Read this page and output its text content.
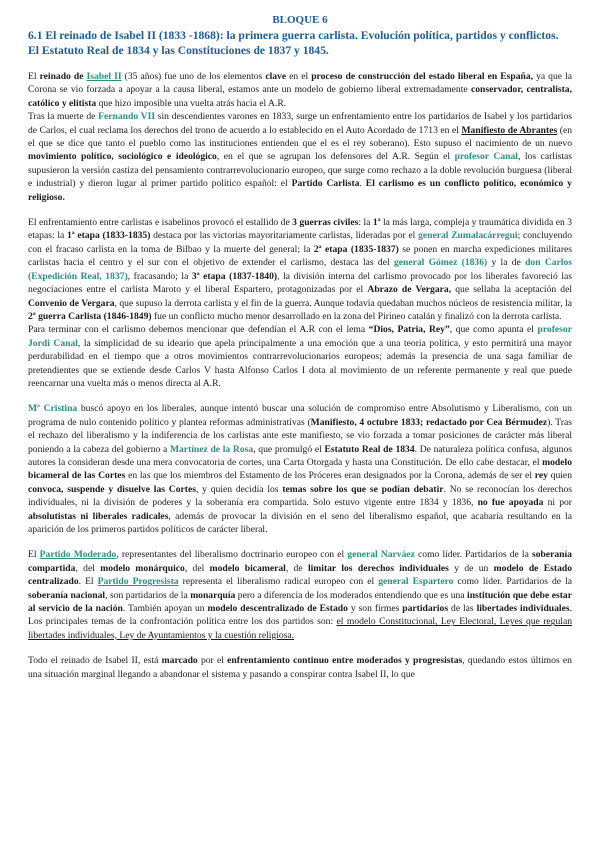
BLOQUE 6
6.1 El reinado de Isabel II (1833 -1868): la primera guerra carlista. Evolución política, partidos y conflictos. El Estatuto Real de 1834 y las Constituciones de 1837 y 1845.

El reinado de Isabel II (35 años) fue uno de los elementos clave en el proceso de construcción del estado liberal en España, ya que la Corona se vio forzada a apoyar a la causa liberal, estamos ante un modelo de gobierno liberal extremadamente conservador, centralista, católico y elitista que hizo imposible una vuelta atrás hacia el A.R.

Tras la muerte de Fernando VII sin descendientes varones en 1833, surge un enfrentamiento entre los partidarios de Isabel y los partidarios de Carlos, el cual reclama los derechos del trono de acuerdo a lo establecido en el Auto Acordado de 1713 en el Manifiesto de Abrantes (en el que se dice que tanto el pueblo como las instituciones entienden que el es el rey soberano). Esto supuso el nacimiento de un nuevo movimiento político, sociológico e ideológico, en el que se agrupan los defensores del A.R. Según el profesor Canal, los carlistas supusieron la versión castiza del pensamiento contrarrevolucionario europeo, que surge como rechazo a la doble revolución burguesa (liberal e industrial) y dieron lugar al primer partido político español: el Partido Carlista. El carlismo es un conflicto político, económico y religioso.

El enfrentamiento entre carlistas e isabelinos provocó el estallido de 3 guerras civiles: la 1ª la más larga, compleja y traumática dividida en 3 etapas: la 1ª etapa (1833-1835) destaca por las victorias mayoritariamente carlistas, lideradas por el general Zumalacárregui; concluyendo con el fracaso carlista en la toma de Bilbao y la muerte del general; la 2ª etapa (1835-1837) se ponen en marcha expediciones militares carlistas hacia el centro y el sur con el objetivo de extender el carlismo, destaca las del general Gómez (1836) y la de don Carlos (Expedición Real, 1837), fracasando; la 3ª etapa (1837-1840), la división interna del carlismo provocado por los liberales favoreció las negociaciones entre el carlista Maroto y el liberal Espartero, protagonizadas por el Abrazo de Vergara, que sellaba la aceptación del Convenio de Vergara, que supuso la derrota carlista y el fin de la guerra. Aunque todavía quedaban muchos núcleos de resistencia militar, la 2ª guerra Carlista (1846-1849) fue un conflicto mucho menor desarrollado en la zona del Pirineo catalán y finalizó con la derrota carlista.

Para terminar con el carlismo debemos mencionar que defendían el A.R con el lema “Dios, Patria, Rey”, que como apunta el profesor Jordi Canal, la simplicidad de su ideario que apela principalmente a una emoción que a una teoría política, y esto permitirá una mayor perdurabilidad en el tiempo que a otros movimientos contrarrevolucionarios europeos; además la presencia de una saga familiar de pretendientes que se extiende desde Carlos V hasta Alfonso Carlos I dota al movimiento de un referente permanente y real que puede reencarnar una vuelta más o menos directa al A.R.

Mª Cristina buscó apoyo en los liberales, aunque intentó buscar una solución de compromiso entre Absolutismo y Liberalismo, con un programa de nulo contenido político y plantea reformas administrativas (Manifiesto, 4 octubre 1833; redactado por Cea Bérmudez). Tras el rechazo del liberalismo y la indiferencia de los carlistas ante este manifiesto, se vio forzada a tomar posiciones de carácter más liberal poniendo a la cabeza del gobierno a Martínez de la Rosa, que promulgó el Estatuto Real de 1834. De naturaleza política confusa, algunos autores la consideran desde una mera convocatoria de cortes, una Carta Otorgada y hasta una Constitución. De ello cabe destacar, el modelo bicameral de las Cortes en las que los miembros del Estamento de los Próceres eran designados por la Corona, además de ser el rey quien convoca, suspende y disuelve las Cortes, y quien decidía los temas sobre los que se podían debatir. No se reconocían los derechos individuales, ni la división de poderes y la soberanía era compartida. Solo estuvo vigente entre 1834 y 1836, no fue apoyada ni por absolutistas ni liberales radicales, además de provocar la división en el seno del liberalismo español, que acabaría resultando en la aparición de los primeros partidos políticos de carácter liberal.

El Partido Moderado, representantes del liberalismo doctrinario europeo con el general Narváez como líder. Partidarios de la soberanía compartida, del modelo monárquico, del modelo bicameral, de limitar los derechos individuales y de un modelo de Estado centralizado. El Partido Progresista representa el liberalismo radical europeo con el general Espartero como líder. Partidarios de la soberanía nacional, son partidarios de la monarquía pero a diferencia de los moderados entendiendo que es una institución que debe estar al servicio de la nación. También apoyan un modelo descentralizado de Estado y son firmes partidarios de las libertades individuales. Los principales temas de la confrontación política entre los dos partidos son: el modelo Constitucional, Ley Electoral, Leyes que regulan libertades individuales, Ley de Ayuntamientos y la cuestión religiosa.

Todo el reinado de Isabel II, está marcado por el enfrentamiento continuo entre moderados y progresistas, quedando estos últimos en una situación marginal llegando a abandonar el sistema y pasando a conspirar contra Isabel II, lo que
